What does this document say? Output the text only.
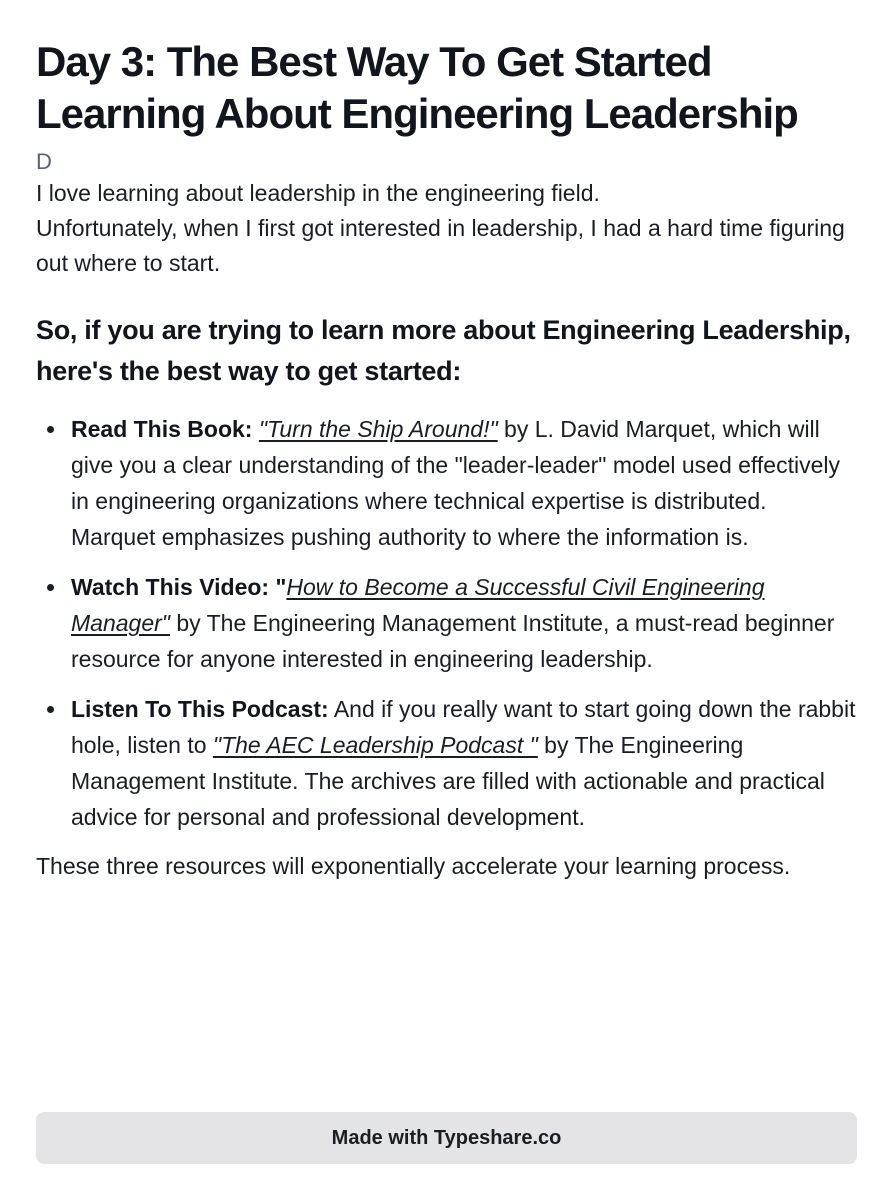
Day 3: The Best Way To Get Started Learning About Engineering Leadership
D

I love learning about leadership in the engineering field.

Unfortunately, when I first got interested in leadership, I had a hard time figuring out where to start.

So, if you are trying to learn more about Engineering Leadership, here's the best way to get started:
Read This Book: "Turn the Ship Around!" by L. David Marquet, which will give you a clear understanding of the "leader-leader" model used effectively in engineering organizations where technical expertise is distributed. Marquet emphasizes pushing authority to where the information is.
Watch This Video: "How to Become a Successful Civil Engineering Manager" by The Engineering Management Institute, a must-read beginner resource for anyone interested in engineering leadership.
Listen To This Podcast: And if you really want to start going down the rabbit hole, listen to "The AEC Leadership Podcast " by The Engineering Management Institute. The archives are filled with actionable and practical advice for personal and professional development.

These three resources will exponentially accelerate your learning process.

Made with Typeshare.co
